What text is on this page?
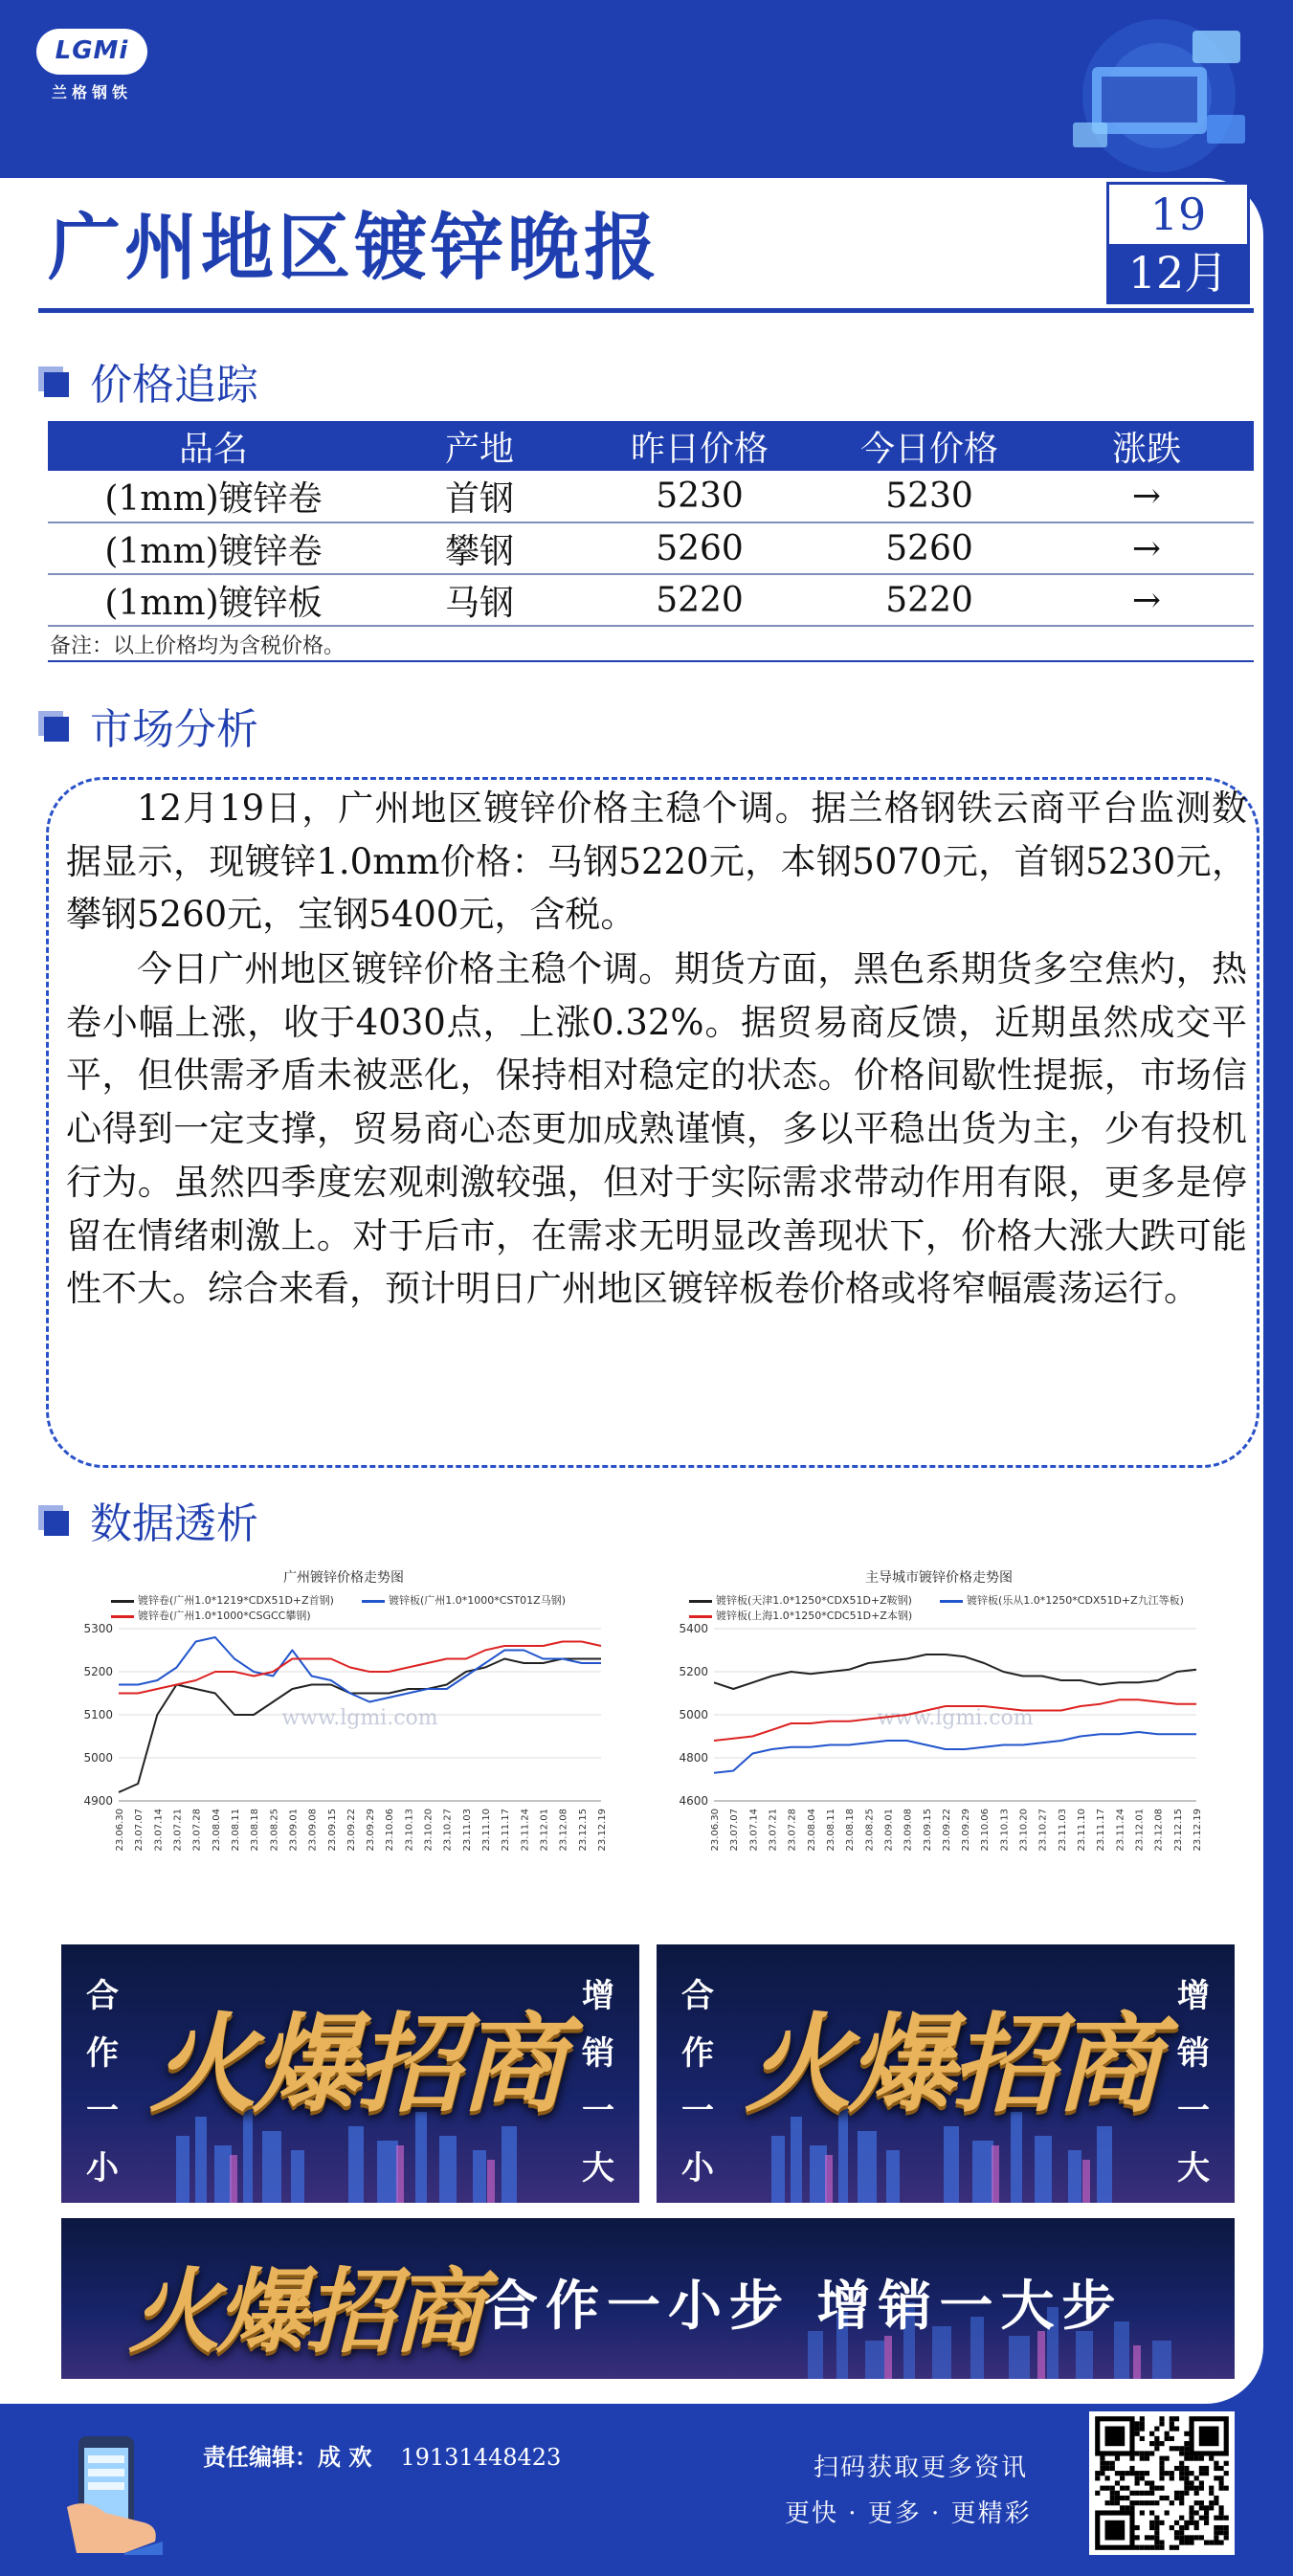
LGMi
兰格钢铁
广州地区镀锌晚报	19
12月
价格追踪
品名	产地	昨日价格	今日价格	涨跌
(1mm)镀锌卷	首钢	5230	5230	→
(1mm)镀锌卷	攀钢	5260	5260	→
(1mm)镀锌板	马钢	5220	5220	→
备注：以上价格均为含税价格。
市场分析

12月19日，广州地区镀锌价格主稳个调。据兰格钢铁云商平台监测数据显示，现镀锌1.0mm价格：马钢5220元，本钢5070元，首钢5230元，攀钢5260元，宝钢5400元，含税。

今日广州地区镀锌价格主稳个调。期货方面，黑色系期货多空焦灼，热卷小幅上涨，收于4030点，上涨0.32%。据贸易商反馈，近期虽然成交平平，但供需矛盾未被恶化，保持相对稳定的状态。价格间歇性提振，市场信心得到一定支撑，贸易商心态更加成熟谨慎，多以平稳出货为主，少有投机行为。虽然四季度宏观刺激较强，但对于实际需求带动作用有限，更多是停留在情绪刺激上。对于后市，在需求无明显改善现状下，价格大涨大跌可能性不大。综合来看，预计明日广州地区镀锌板卷价格或将窄幅震荡运行。

数据透析
广州镀锌价格走势图
镀锌卷(广州1.0*1219*CDX51D+Z首钢)	镀锌板(广州1.0*1000*CST01Z马钢)
镀锌卷(广州1.0*1000*CSGCC攀钢)
4900
5000
5100
5200
5300
www.lgmi.com
23.06.30 23.07.07 23.07.14 23.07.21 23.07.28 23.08.04 23.08.11 23.08.18 23.08.25 23.09.01 23.09.08 23.09.15 23.09.22 23.09.29 23.10.06 23.10.13 23.10.20 23.10.27 23.11.03 23.11.10 23.11.17 23.11.24 23.12.01 23.12.08 23.12.15 23.12.19
主导城市镀锌价格走势图
镀锌板(天津1.0*1250*CDX51D+Z鞍钢)	镀锌板(乐从1.0*1250*CDX51D+Z九江等板)
镀锌板(上海1.0*1250*CDC51D+Z本钢)
4600
4800
5000
5200
5400
www.lgmi.com
23.06.30 23.07.07 23.07.14 23.07.21 23.07.28 23.08.04 23.08.11 23.08.18 23.08.25 23.09.01 23.09.08 23.09.15 23.09.22 23.09.29 23.10.06 23.10.13 23.10.20 23.10.27 23.11.03 23.11.10 23.11.17 23.11.24 23.12.01 23.12.08 23.12.15 23.12.19
合
作
一
小
增
销
一
大
火爆招商
合
作
一
小
增
销
一
大
火爆招商
火爆招商 合作一小步 增销一大步
责任编辑：成 欢 19131448423	扫码获取更多资讯
更快 · 更多 · 更精彩
